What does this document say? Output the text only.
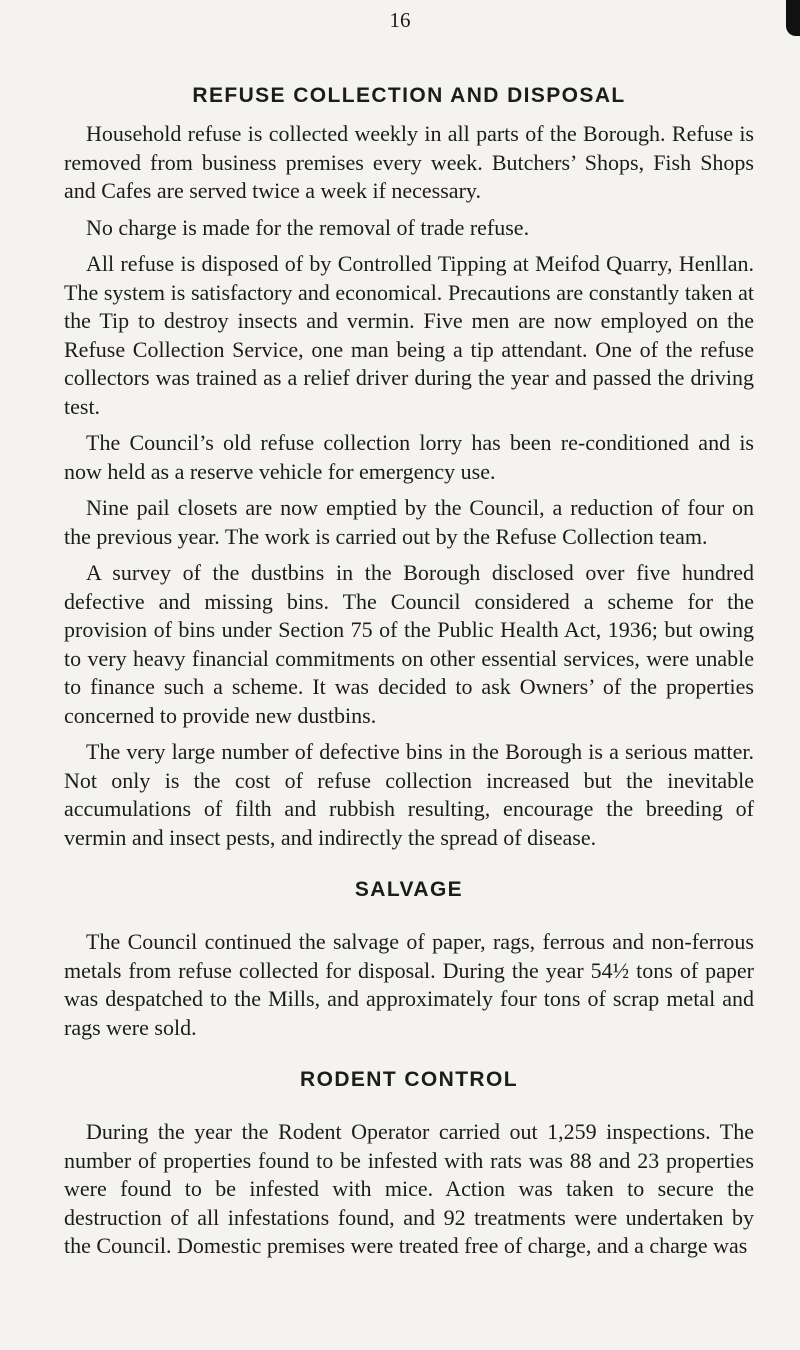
16
REFUSE COLLECTION AND DISPOSAL

Household refuse is collected weekly in all parts of the Borough. Refuse is removed from business premises every week. Butchers’ Shops, Fish Shops and Cafes are served twice a week if necessary.

No charge is made for the removal of trade refuse.

All refuse is disposed of by Controlled Tipping at Meifod Quarry, Henllan. The system is satisfactory and economical. Precautions are constantly taken at the Tip to destroy insects and vermin. Five men are now employed on the Refuse Collection Service, one man being a tip attendant. One of the refuse collectors was trained as a relief driver during the year and passed the driving test.

The Council’s old refuse collection lorry has been re-conditioned and is now held as a reserve vehicle for emergency use.

Nine pail closets are now emptied by the Council, a reduction of four on the previous year. The work is carried out by the Refuse Collection team.

A survey of the dustbins in the Borough disclosed over five hundred defective and missing bins. The Council considered a scheme for the provision of bins under Section 75 of the Public Health Act, 1936; but owing to very heavy financial commitments on other essential services, were unable to finance such a scheme. It was decided to ask Owners’ of the properties concerned to provide new dustbins.

The very large number of defective bins in the Borough is a serious matter. Not only is the cost of refuse collection increased but the inevitable accumulations of filth and rubbish resulting, encourage the breeding of vermin and insect pests, and indirectly the spread of disease.

SALVAGE

The Council continued the salvage of paper, rags, ferrous and non-ferrous metals from refuse collected for disposal. During the year 54½ tons of paper was despatched to the Mills, and approximately four tons of scrap metal and rags were sold.

RODENT CONTROL

During the year the Rodent Operator carried out 1,259 inspections. The number of properties found to be infested with rats was 88 and 23 properties were found to be infested with mice. Action was taken to secure the destruction of all infestations found, and 92 treatments were undertaken by the Council. Domestic premises were treated free of charge, and a charge was
